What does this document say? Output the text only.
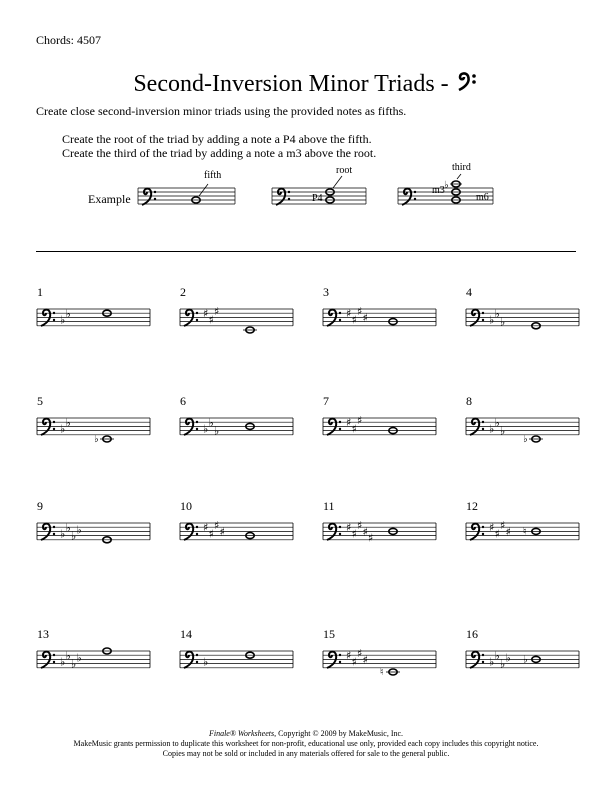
Chords: 4507
Second-Inversion Minor Triads -
Create close second-inversion minor triads using the provided notes as fifths.
Create the root of the triad by adding a note a P4 above the fifth.
Create the third of the triad by adding a note a m3 above the root.
Example
fifth	root
P4
♭
third
m3
m6
1
♭ ♭
2
♯ ♯
♯
3
♯ ♯
♯ ♯
4
♭ ♭
♭
5
♭ ♭
♭
6
♭ ♭
♭
7
♯ ♯
♯
8
♭ ♭
♭
♭
9
♭ ♭
♭ ♭
10
♯ ♯
♯ ♯
11
♯ ♯
♯ ♯ ♯
12
♯ ♯
♯ ♯ ♮
13
♭ ♭
♭ ♭
14
♭
15
♯ ♯
♯ ♯
♮
16
♭ ♭
♭ ♭ ♭
Finale® Worksheets, Copyright © 2009 by MakeMusic, Inc.
MakeMusic grants permission to duplicate this worksheet for non-profit, educational use only, provided each copy includes this copyright notice.
Copies may not be sold or included in any materials offered for sale to the general public.
